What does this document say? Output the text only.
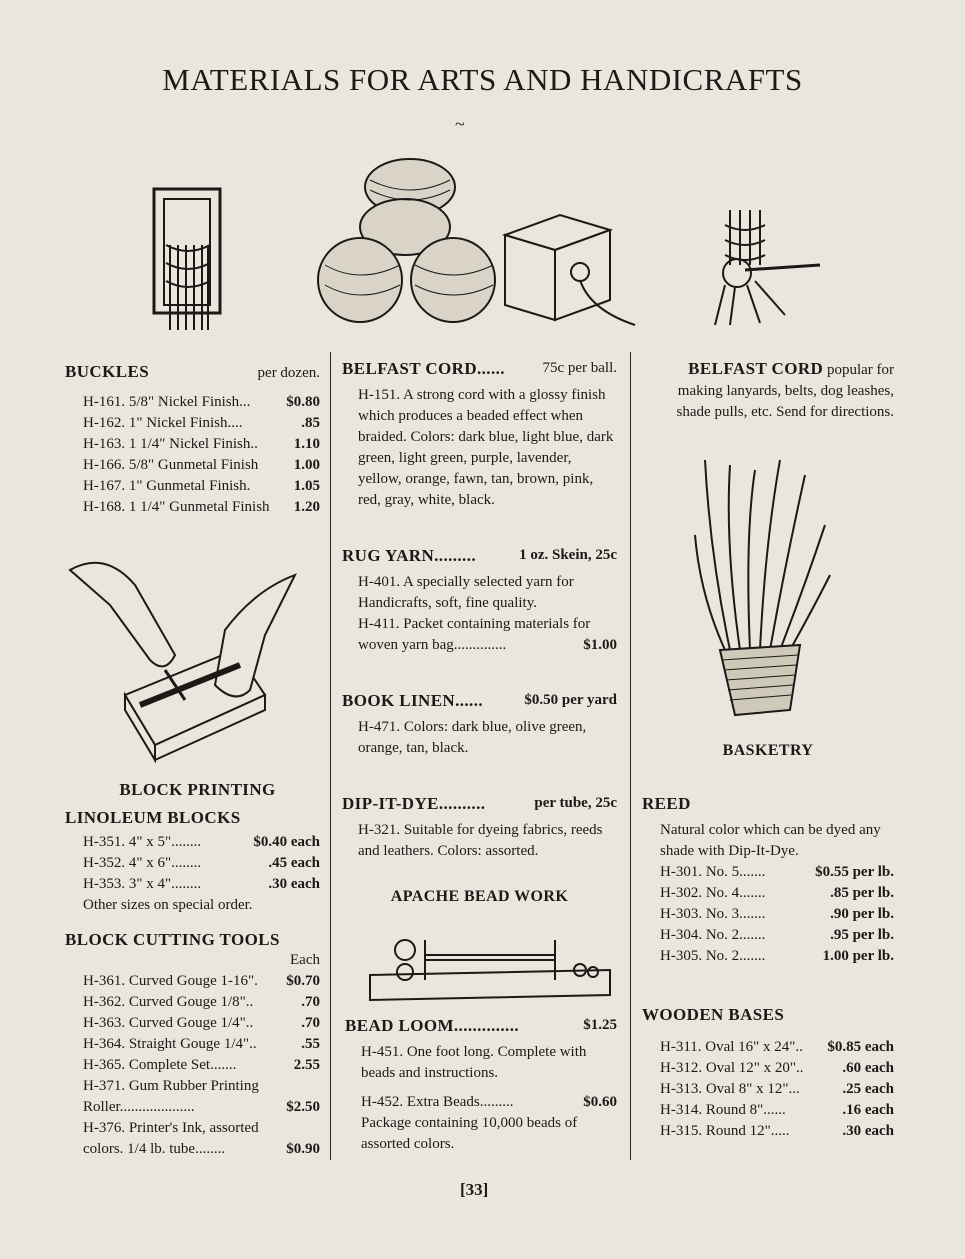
MATERIALS FOR ARTS AND HANDICRAFTS
~
BUCKLES	per dozen.
H-161. 5/8" Nickel Finish... $0.80
H-162. 1" Nickel Finish....	.85
H-163. 1 1/4" Nickel Finish.. 1.10
H-166. 5/8" Gunmetal Finish 1.00
H-167. 1" Gunmetal Finish.	1.05
H-168. 1 1/4" Gunmetal Finish 1.20
BLOCK PRINTING
LINOLEUM BLOCKS
H-351. 4" x 5"........	$0.40 each
H-352. 4" x 6"........	.45 each
H-353. 3" x 4"........	.30 each
Other sizes on special order.
BLOCK CUTTING TOOLS
Each
H-361. Curved Gouge 1-16". $0.70
H-362. Curved Gouge 1/8"..	.70
H-363. Curved Gouge 1/4"..	.70
H-364. Straight Gouge 1/4"..	.55
H-365. Complete Set.......	2.55
H-371. Gum Rubber Printing
Roller....................	$2.50
H-376. Printer's Ink, assorted
colors. 1/4 lb. tube........	$0.90
BELFAST CORD......	75c per ball.
H-151. A strong cord with a glossy finish which produces a beaded effect when braided. Colors: dark blue, light blue, dark green, light green, purple, lavender, yellow, orange, fawn, tan, brown, pink, red, gray, white, black.
RUG YARN.........	1 oz. Skein, 25c
H-401. A specially selected yarn for Handicrafts, soft, fine quality.
H-411. Packet containing materials for
woven yarn bag..............	$1.00
BOOK LINEN......	$0.50 per yard
H-471. Colors: dark blue, olive green, orange, tan, black.
DIP-IT-DYE..........	per tube, 25c
H-321. Suitable for dyeing fabrics, reeds and leathers. Colors: assorted.
APACHE BEAD WORK
BEAD LOOM..............	$1.25
H-451. One foot long. Complete with beads and instructions.
H-452. Extra Beads.........	$0.60
Package containing 10,000 beads of assorted colors.
BELFAST CORD popular for making lanyards, belts, dog leashes, shade pulls, etc. Send for directions.
BASKETRY
REED
Natural color which can be dyed any shade with Dip-It-Dye.
H-301. No. 5.......	$0.55 per lb.
H-302. No. 4.......	.85 per lb.
H-303. No. 3.......	.90 per lb.
H-304. No. 2.......	.95 per lb.
H-305. No. 2.......	1.00 per lb.
WOODEN BASES
H-311. Oval 16" x 24".. $0.85 each
H-312. Oval 12" x 20"..	.60 each
H-313. Oval 8" x 12"...	.25 each
H-314. Round 8"......	.16 each
H-315. Round 12".....	.30 each
[33]
